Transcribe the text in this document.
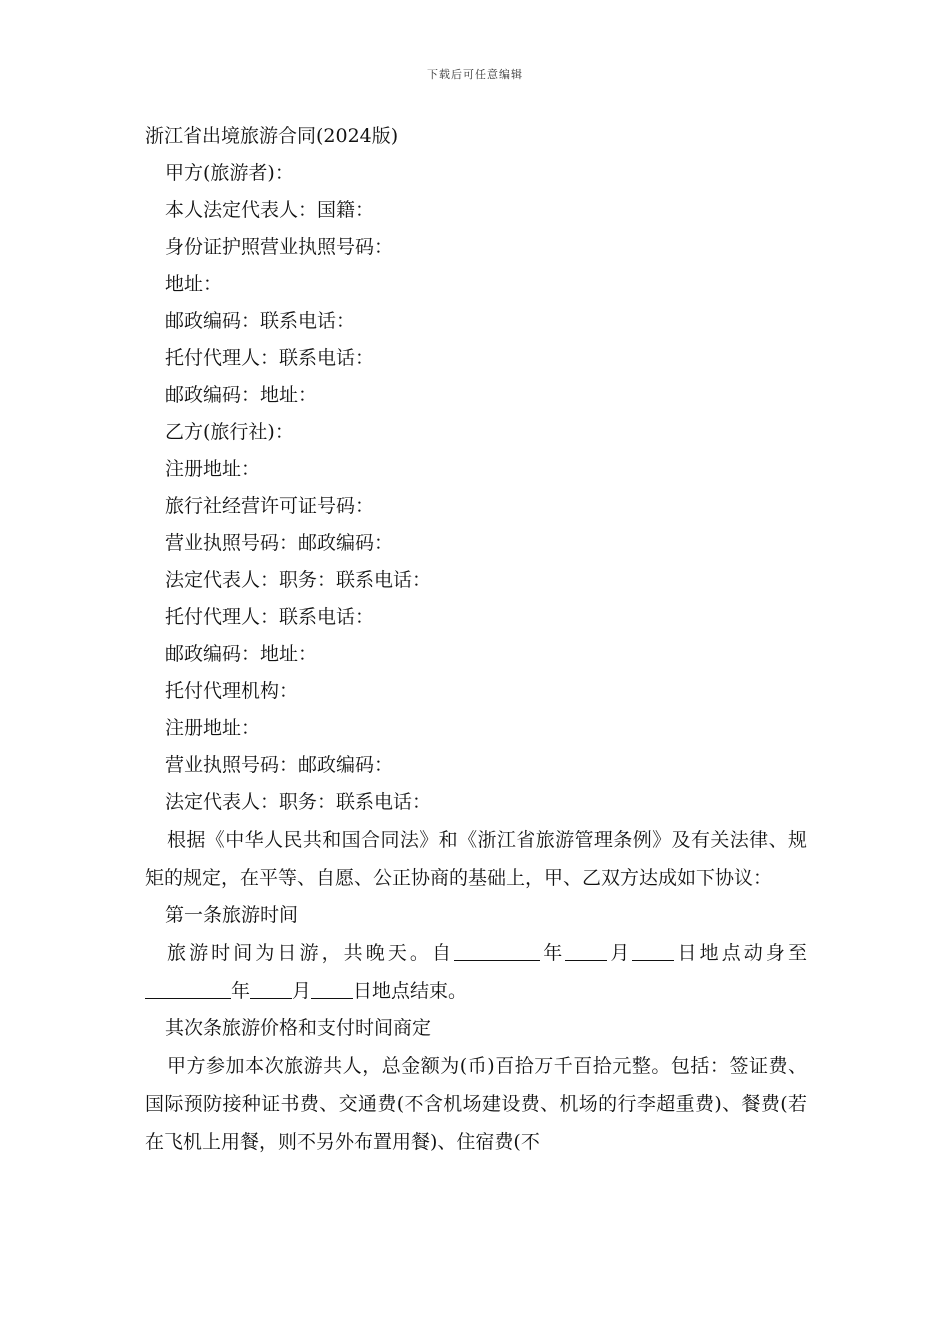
下载后可任意编辑
浙江省出境旅游合同(2024版)
甲方(旅游者)：
本人法定代表人：国籍：
身份证护照营业执照号码：
地址：
邮政编码：联系电话：
托付代理人：联系电话：
邮政编码：地址：
乙方(旅行社)：
注册地址：
旅行社经营许可证号码：
营业执照号码：邮政编码：
法定代表人：职务：联系电话：
托付代理人：联系电话：
邮政编码：地址：
托付代理机构：
注册地址：
营业执照号码：邮政编码：
法定代表人：职务：联系电话：

根据《中华人民共和国合同法》和《浙江省旅游管理条例》及有关法律、规矩的规定，在平等、自愿、公正协商的基础上，甲、乙双方达成如下协议：

第一条旅游时间

旅游时间为日游，共晚天。自	年 月 日地点动身至年 月 日地点结束。

其次条旅游价格和支付时间商定

甲方参加本次旅游共人，总金额为(币)百拾万千百拾元整。包括：签证费、国际预防接种证书费、交通费(不含机场建设费、机场的行李超重费)、餐费(若在飞机上用餐，则不另外布置用餐)、住宿费(不
